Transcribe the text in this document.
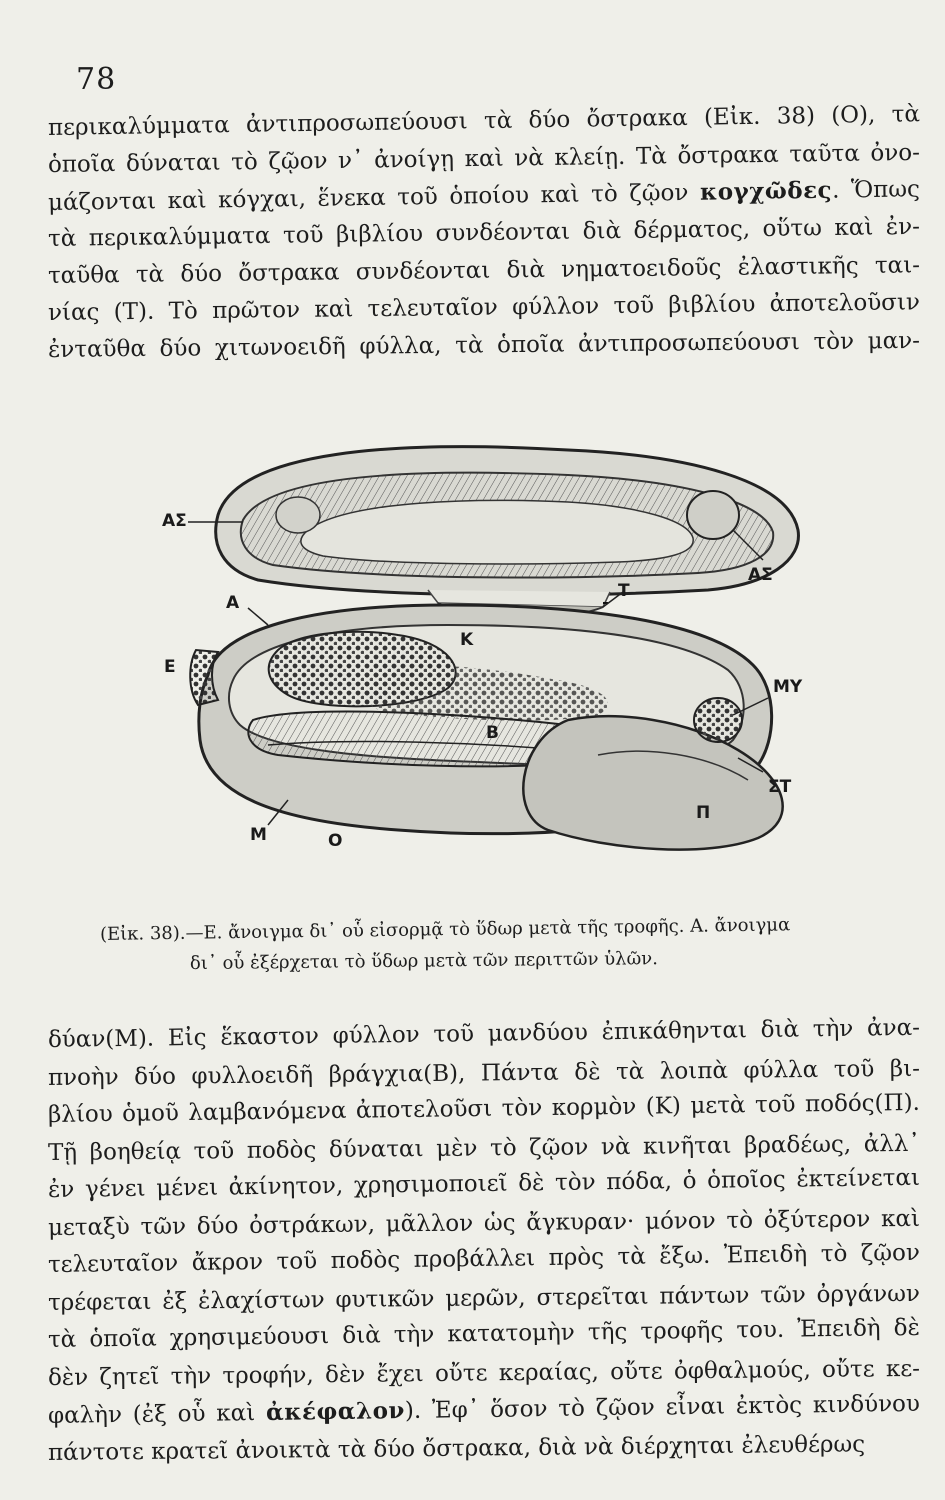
78
περικαλύμματα ἀντιπροσωπεύουσι τὰ δύο ὄστρακα (Εἰκ. 38) (Ο), τὰ
ὁποῖα δύναται τὸ ζῷον ν᾿ ἀνοίγῃ καὶ νὰ κλείῃ. Τὰ ὄστρακα ταῦτα ὀνο-
μάζονται καὶ κόγχαι, ἕνεκα τοῦ ὁποίου καὶ τὸ ζῷον κογχῶδες. Ὅπως
τὰ περικαλύμματα τοῦ βιβλίου συνδέονται διὰ δέρματος, οὕτω καὶ ἐν-
ταῦθα τὰ δύο ὄστρακα συνδέονται διὰ νηματοειδοῦς ἐλαστικῆς ται-
νίας (Τ). Τὸ πρῶτον καὶ τελευταῖον φύλλον τοῦ βιβλίου ἀποτελοῦσιν
ἐνταῦθα δύο χιτωνοειδῆ φύλλα, τὰ ὁποῖα ἀντιπροσωπεύουσι τὸν μαν-
ΑΣ
ΑΣ
Τ
Α
Κ
Ε
ΜΥ
Β
ΣΤ
Π
Μ	Ο
(Εἰκ. 38).—Ε. ἄνοιγμα δι᾿ οὗ εἰσορμᾷ τὸ ὕδωρ μετὰ τῆς τροφῆς. Α. ἄνοιγμα
δι᾿ οὗ ἐξέρχεται τὸ ὕδωρ μετὰ τῶν περιττῶν ὑλῶν.
δύαν(Μ). Εἰς ἕκαστον φύλλον τοῦ μανδύου ἐπικάθηνται διὰ τὴν ἀνα-
πνοὴν δύο φυλλοειδῆ βράγχια(Β), Πάντα δὲ τὰ λοιπὰ φύλλα τοῦ βι-
βλίου ὁμοῦ λαμβανόμενα ἀποτελοῦσι τὸν κορμὸν (Κ) μετὰ τοῦ ποδός(Π).
Τῇ βοηθείᾳ τοῦ ποδὸς δύναται μὲν τὸ ζῷον νὰ κινῆται βραδέως, ἀλλ᾿
ἐν γένει μένει ἀκίνητον, χρησιμοποιεῖ δὲ τὸν πόδα, ὁ ὁποῖος ἐκτείνεται
μεταξὺ τῶν δύο ὀστράκων, μᾶλλον ὡς ἄγκυραν· μόνον τὸ ὀξύτερον καὶ
τελευταῖον ἄκρον τοῦ ποδὸς προβάλλει πρὸς τὰ ἔξω. Ἐπειδὴ τὸ ζῷον
τρέφεται ἐξ ἐλαχίστων φυτικῶν μερῶν, στερεῖται πάντων τῶν ὀργάνων
τὰ ὁποῖα χρησιμεύουσι διὰ τὴν κατατομὴν τῆς τροφῆς του. Ἐπειδὴ δὲ
δὲν ζητεῖ τὴν τροφήν, δὲν ἔχει οὔτε κεραίας, οὔτε ὀφθαλμούς, οὔτε κε-
φαλὴν (ἐξ οὗ καὶ ἀκέφαλον). Ἐφ᾿ ὅσον τὸ ζῷον εἶναι ἐκτὸς κινδύνου
πάντοτε κρατεῖ ἀνοικτὰ τὰ δύο ὄστρακα, διὰ νὰ διέρχηται ἐλευθέρως
